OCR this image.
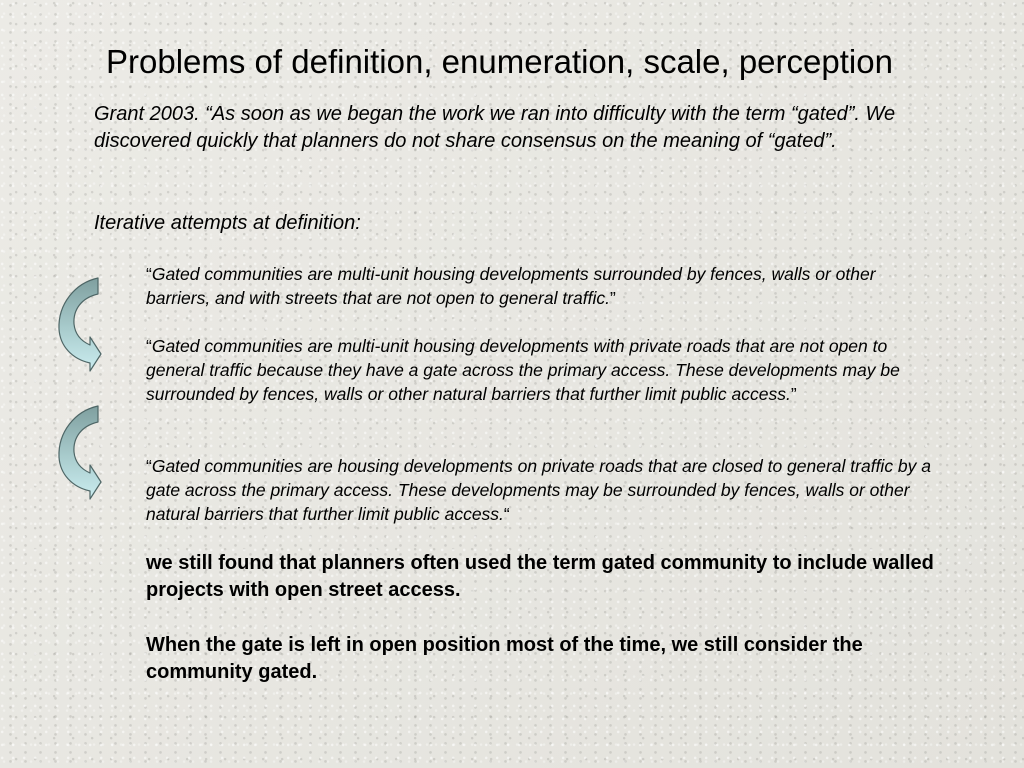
Problems of definition, enumeration, scale, perception

Grant 2003. “As soon as we began the work we ran into difficulty with the term “gated”. We discovered quickly that planners do not share consensus on the meaning of “gated”.

Iterative attempts at definition:
“Gated communities are multi-unit housing developments surrounded by fences, walls or other barriers, and with streets that are not open to general traffic.”
“Gated communities are multi-unit housing developments with private roads that are not open to general traffic because they have a gate across the primary access. These developments may be surrounded by fences, walls or other natural barriers that further limit public access.”
“Gated communities are housing developments on private roads that are closed to general traffic by a gate across the primary access. These developments may be surrounded by fences, walls or other natural barriers that further limit public access.“

we still found that planners often used the term gated community to include walled projects with open street access.

When the gate is left in open position most of the time, we still consider the community gated.
